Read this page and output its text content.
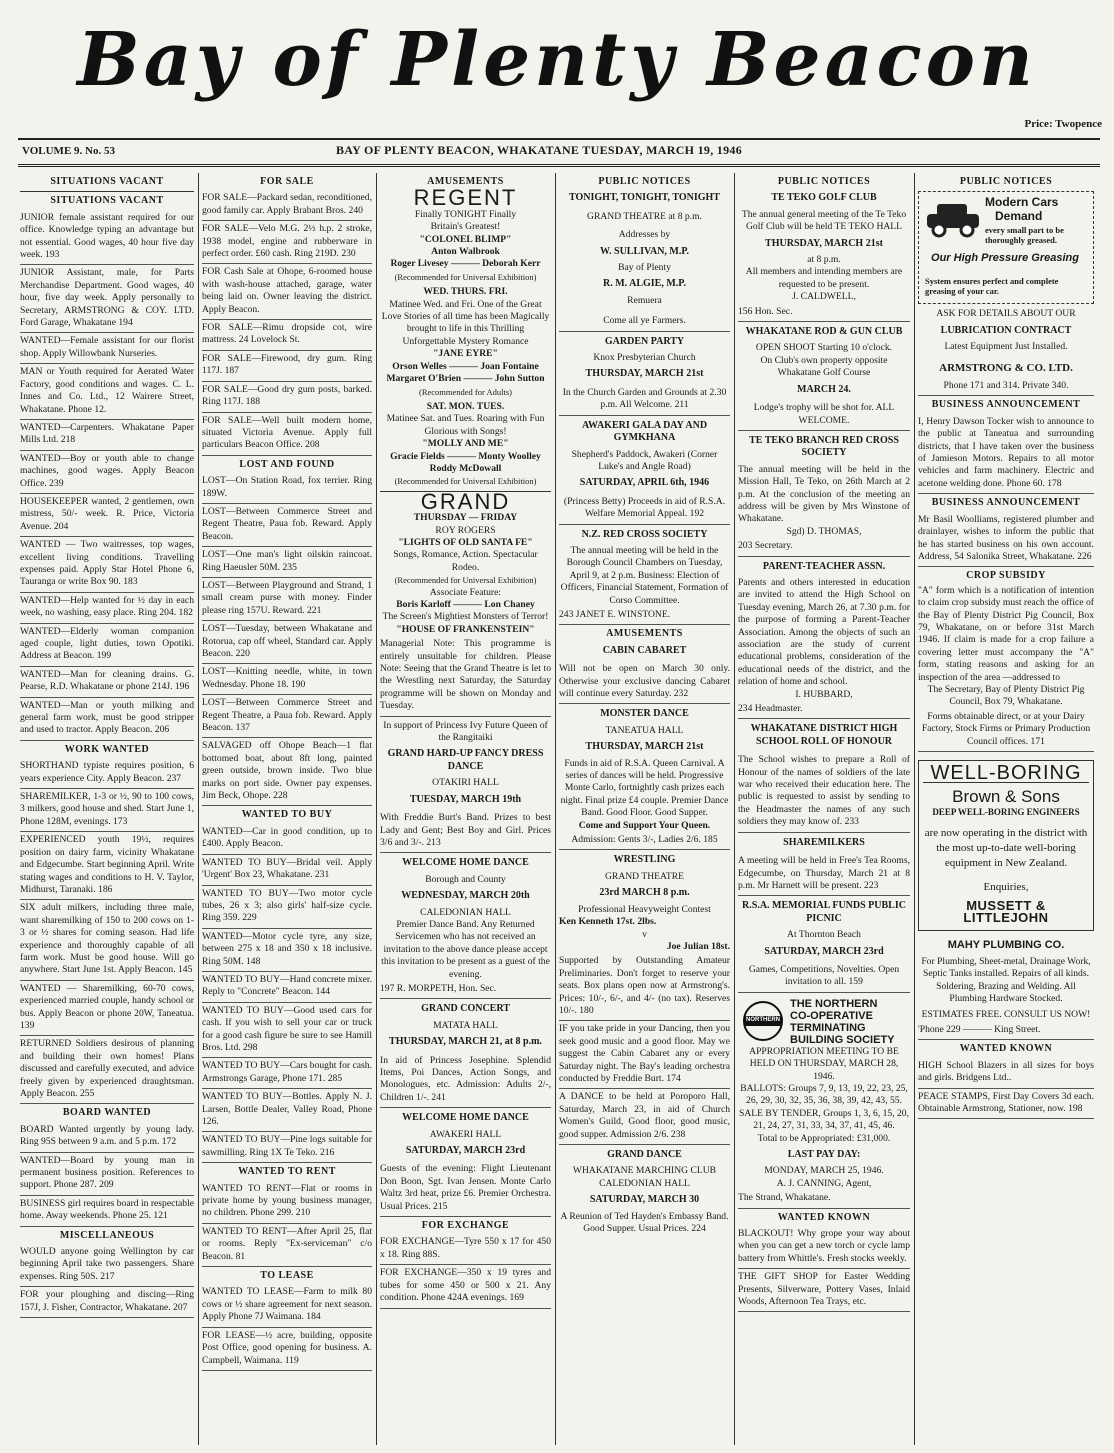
Bay of Plenty Beacon
Price: Twopence
VOLUME 9. No. 53	BAY OF PLENTY BEACON, WHAKATANE TUESDAY, MARCH 19, 1946
SITUATIONS VACANT
SITUATIONS VACANT
JUNIOR female assistant required for our office. Knowledge typing an advantage but not essential. Good wages, 40 hour five day week. 193
JUNIOR Assistant, male, for Parts Merchandise Department. Good wages, 40 hour, five day week. Apply personally to Secretary, ARMSTRONG & COY. LTD. Ford Garage, Whakatane 194
WANTED—Female assistant for our florist shop. Apply Willowbank Nurseries.
MAN or Youth required for Aerated Water Factory, good conditions and wages. C. L. Innes and Co. Ltd., 12 Wairere Street, Whakatane. Phone 12.
WANTED—Carpenters. Whakatane Paper Mills Ltd. 218
WANTED—Boy or youth able to change machines, good wages. Apply Beacon Office. 239
HOUSEKEEPER wanted, 2 gentlemen, own mistress, 50/- week. R. Price, Victoria Avenue. 204
WANTED — Two waitresses, top wages, excellent living conditions. Travelling expenses paid. Apply Star Hotel Phone 6, Tauranga or write Box 90. 183
WANTED—Help wanted for ½ day in each week, no washing, easy place. Ring 204. 182
WANTED—Elderly woman companion aged couple, light duties, town Opotiki. Address at Beacon. 199
WANTED—Man for cleaning drains. G. Pearse, R.D. Whakatane or phone 214J. 196
WANTED—Man or youth milking and general farm work, must be good stripper and used to tractor. Apply Beacon. 206
WORK WANTED
SHORTHAND typiste requires position, 6 years experience City. Apply Beacon. 237
SHAREMILKER, 1-3 or ½, 90 to 100 cows, 3 milkers, good house and shed. Start June 1, Phone 128M, evenings. 173
EXPERIENCED youth 19½, requires position on dairy farm, vicinity Whakatane and Edgecumbe. Start beginning April. Write stating wages and conditions to H. V. Taylor, Midhurst, Taranaki. 186
SIX adult milkers, including three male, want sharemilking of 150 to 200 cows on 1-3 or ½ shares for coming season. Had life experience and thoroughly capable of all farm work. Must be good house. Will go anywhere. Start June 1st. Apply Beacon. 145
WANTED — Sharemilking, 60-70 cows, experienced married couple, handy school or bus. Apply Beacon or phone 20W, Taneatua. 139
RETURNED Soldiers desirous of planning and building their own homes! Plans discussed and carefully executed, and advice freely given by experienced draughtsman. Apply Beacon. 255
BOARD WANTED
BOARD Wanted urgently by young lady. Ring 95S between 9 a.m. and 5 p.m. 172
WANTED—Board by young man in permanent business position. References to support. Phone 287. 209
BUSINESS girl requires board in respectable home. Away weekends. Phone 25. 121
MISCELLANEOUS
WOULD anyone going Wellington by car beginning April take two passengers. Share expenses. Ring 50S. 217
FOR your ploughing and discing—Ring 157J, J. Fisher, Contractor, Whakatane. 207
FOR SALE
FOR SALE—Packard sedan, reconditioned, good family car. Apply Brabant Bros. 240
FOR SALE—Velo M.G. 2½ h.p. 2 stroke, 1938 model, engine and rubberware in perfect order. £60 cash. Ring 219D. 230
FOR Cash Sale at Ohope, 6-roomed house with wash-house attached, garage, water being laid on. Owner leaving the district. Apply Beacon.
FOR SALE—Rimu dropside cot, wire mattress. 24 Lovelock St.
FOR SALE—Firewood, dry gum. Ring 117J. 187
FOR SALE—Good dry gum posts, barked. Ring 117J. 188
FOR SALE—Well built modern home, situated Victoria Avenue. Apply full particulars Beacon Office. 208
LOST AND FOUND
LOST—On Station Road, fox terrier. Ring 189W.
LOST—Between Commerce Street and Regent Theatre, Paua fob. Reward. Apply Beacon.
LOST—One man's light oilskin raincoat. Ring Haeusler 50M. 235
LOST—Between Playground and Strand, 1 small cream purse with money. Finder please ring 157U. Reward. 221
LOST—Tuesday, between Whakatane and Rotorua, cap off wheel, Standard car. Apply Beacon. 220
LOST—Knitting needle, white, in town Wednesday. Phone 18. 190
LOST—Between Commerce Street and Regent Theatre, a Paua fob. Reward. Apply Beacon. 137
SALVAGED off Ohope Beach—1 flat bottomed boat, about 8ft long, painted green outside, brown inside. Two blue marks on port side. Owner pay expenses. Jim Beck, Ohope. 228
WANTED TO BUY
WANTED—Car in good condition, up to £400. Apply Beacon.
WANTED TO BUY—Bridal veil. Apply 'Urgent' Box 23, Whakatane. 231
WANTED TO BUY—Two motor cycle tubes, 26 x 3; also girls' half-size cycle. Ring 359. 229
WANTED—Motor cycle tyre, any size, between 275 x 18 and 350 x 18 inclusive. Ring 50M. 148
WANTED TO BUY—Hand concrete mixer. Reply to "Concrete" Beacon. 144
WANTED TO BUY—Good used cars for cash. If you wish to sell your car or truck for a good cash figure be sure to see Hamill Bros. Ltd. 298
WANTED TO BUY—Cars bought for cash. Armstrongs Garage, Phone 171. 285
WANTED TO BUY—Bottles. Apply N. J. Larsen, Bottle Dealer, Valley Road, Phone 126.
WANTED TO BUY—Pine logs suitable for sawmilling. Ring 1X Te Teko. 216
WANTED TO RENT
WANTED TO RENT—Flat or rooms in private home by young business manager, no children. Phone 299. 210
WANTED TO RENT—After April 25, flat or rooms. Reply "Ex-serviceman" c/o Beacon. 81
TO LEASE
WANTED TO LEASE—Farm to milk 80 cows or ½ share agreement for next season. Apply Phone 7J Waimana. 184
FOR LEASE—½ acre, building, opposite Post Office, good opening for business. A. Campbell, Waimana. 119
AMUSEMENTS
REGENT
Finally TONIGHT Finally
Britain's Greatest!
"COLONEL BLIMP"
Anton Walbrook
Roger Livesey ——— Deborah Kerr
(Recommended for Universal Exhibition)
WED. THURS. FRI.
Matinee Wed. and Fri. One of the Great Love Stories of all time has been Magically brought to life in this Thrilling Unforgettable Mystery Romance
"JANE EYRE"
Orson Welles ——— Joan Fontaine
Margaret O'Brien ——— John Sutton
(Recommended for Adults)
SAT. MON. TUES.
Matinee Sat. and Tues. Roaring with Fun Glorious with Songs!
"MOLLY AND ME"
Gracie Fields ——— Monty Woolley
Roddy McDowall
(Recommended for Universal Exhibition)
GRAND
THURSDAY — FRIDAY
ROY ROGERS
"LIGHTS OF OLD SANTA FE"
Songs, Romance, Action. Spectacular Rodeo.
(Recommended for Universal Exhibition)
Associate Feature:
Boris Karloff ——— Lon Chaney
The Screen's Mightiest Monsters of Terror!
"HOUSE OF FRANKENSTEIN"
Managerial Note: This programme is entirely unsuitable for children. Please Note: Seeing that the Grand Theatre is let to the Wrestling next Saturday, the Saturday programme will be shown on Monday and Tuesday.
In support of Princess Ivy Future Queen of the Rangitaiki
GRAND HARD-UP FANCY DRESS DANCE
OTAKIRI HALL
TUESDAY, MARCH 19th
With Freddie Burt's Band. Prizes to best Lady and Gent; Best Boy and Girl. Prices 3/6 and 3/-. 213
WELCOME HOME DANCE
Borough and County
WEDNESDAY, MARCH 20th
CALEDONIAN HALL
Premier Dance Band. Any Returned Servicemen who has not received an invitation to the above dance please accept this invitation to be present as a guest of the evening.
197 R. MORPETH, Hon. Sec.
GRAND CONCERT
MATATA HALL
THURSDAY, MARCH 21, at 8 p.m.
In aid of Princess Josephine. Splendid Items, Poi Dances, Action Songs, and Monologues, etc. Admission: Adults 2/-, Children 1/-. 241
WELCOME HOME DANCE
AWAKERI HALL
SATURDAY, MARCH 23rd
Guests of the evening: Flight Lieutenant Don Boon, Sgt. Ivan Jensen. Monte Carlo Waltz 3rd heat, prize £6. Premier Orchestra. Usual Prices. 215
FOR EXCHANGE
FOR EXCHANGE—Tyre 550 x 17 for 450 x 18. Ring 88S.
FOR EXCHANGE—350 x 19 tyres and tubes for some 450 or 500 x 21. Any condition. Phone 424A evenings. 169
PUBLIC NOTICES
TONIGHT, TONIGHT, TONIGHT
GRAND THEATRE at 8 p.m.
Addresses by
W. SULLIVAN, M.P.
Bay of Plenty
R. M. ALGIE, M.P.
Remuera
Come all ye Farmers.
GARDEN PARTY
Knox Presbyterian Church
THURSDAY, MARCH 21st
In the Church Garden and Grounds at 2.30 p.m. All Welcome. 211
AWAKERI GALA DAY AND GYMKHANA
Shepherd's Paddock, Awakeri (Corner Luke's and Angle Road)
SATURDAY, APRIL 6th, 1946
(Princess Betty) Proceeds in aid of R.S.A. Welfare Memorial Appeal. 192
N.Z. RED CROSS SOCIETY
The annual meeting will be held in the Borough Council Chambers on Tuesday, April 9, at 2 p.m. Business: Election of Officers, Financial Statement, Formation of Corso Committee.
243 JANET E. WINSTONE.
AMUSEMENTS
CABIN CABARET
Will not be open on March 30 only. Otherwise your exclusive dancing Cabaret will continue every Saturday. 232
MONSTER DANCE
TANEATUA HALL
THURSDAY, MARCH 21st
Funds in aid of R.S.A. Queen Carnival. A series of dances will be held. Progressive Monte Carlo, fortnightly cash prizes each night. Final prize £4 couple. Premier Dance Band. Good Floor. Good Supper.
Come and Support Your Queen.
Admission: Gents 3/-, Ladies 2/6. 185
WRESTLING
GRAND THEATRE
23rd MARCH 8 p.m.
Professional Heavyweight Contest
Ken Kenneth 17st. 2lbs.
v
Joe Julian 18st.
Supported by Outstanding Amateur Preliminaries. Don't forget to reserve your seats. Box plans open now at Armstrong's. Prices: 10/-, 6/-, and 4/- (no tax). Reserves 10/-. 180
IF you take pride in your Dancing, then you seek good music and a good floor. May we suggest the Cabin Cabaret any or every Saturday night. The Bay's leading orchestra conducted by Freddie Burt. 174
A DANCE to be held at Poroporo Hall, Saturday, March 23, in aid of Church Women's Guild, Good floor, good music, good supper. Admission 2/6. 238
GRAND DANCE
WHAKATANE MARCHING CLUB
CALEDONIAN HALL
SATURDAY, MARCH 30
A Reunion of Ted Hayden's Embassy Band. Good Supper. Usual Prices. 224
PUBLIC NOTICES
TE TEKO GOLF CLUB
The annual general meeting of the Te Teko Golf Club will be held TE TEKO HALL
THURSDAY, MARCH 21st
at 8 p.m.
All members and intending members are requested to be present.
J. CALDWELL,
156 Hon. Sec.
WHAKATANE ROD & GUN CLUB
OPEN SHOOT Starting 10 o'clock.
On Club's own property opposite Whakatane Golf Course
MARCH 24.
Lodge's trophy will be shot for. ALL WELCOME.
TE TEKO BRANCH RED CROSS SOCIETY
The annual meeting will be held in the Mission Hall, Te Teko, on 26th March at 2 p.m. At the conclusion of the meeting an address will be given by Mrs Winstone of Whakatane.
Sgd) D. THOMAS,
203 Secretary.
PARENT-TEACHER ASSN.
Parents and others interested in education are invited to attend the High School on Tuesday evening, March 26, at 7.30 p.m. for the purpose of forming a Parent-Teacher Association. Among the objects of such an association are the study of current educational problems, consideration of the educational needs of the district, and the relation of home and school.
I. HUBBARD,
234 Headmaster.
WHAKATANE DISTRICT HIGH SCHOOL ROLL OF HONOUR
The School wishes to prepare a Roll of Honour of the names of soldiers of the late war who received their education here. The public is requested to assist by sending to the Headmaster the names of any such soldiers they may know of. 233
SHAREMILKERS
A meeting will be held in Free's Tea Rooms, Edgecumbe, on Thursday, March 21 at 8 p.m. Mr Harnett will be present. 223
R.S.A. MEMORIAL FUNDS PUBLIC PICNIC
At Thornton Beach
SATURDAY, MARCH 23rd
Games, Competitions, Novelties. Open invitation to all. 159
NORTHERN
THE NORTHERN
CO-OPERATIVE
TERMINATING
BUILDING SOCIETY
APPROPRIATION MEETING TO BE HELD ON THURSDAY, MARCH 28, 1946.
BALLOTS: Groups 7, 9, 13, 19, 22, 23, 25, 26, 29, 30, 32, 35, 36, 38, 39, 42, 43, 55.
SALE BY TENDER, Groups 1, 3, 6, 15, 20, 21, 24, 27, 31, 33, 34, 37, 41, 45, 46.
Total to be Appropriated: £31,000.
LAST PAY DAY:
MONDAY, MARCH 25, 1946.
A. J. CANNING, Agent,
The Strand, Whakatane.
WANTED KNOWN
BLACKOUT! Why grope your way about when you can get a new torch or cycle lamp battery from Whittle's. Fresh stocks weekly.
THE GIFT SHOP for Easter Wedding Presents, Silverware, Pottery Vases, Inlaid Woods, Afternoon Tea Trays, etc.
PUBLIC NOTICES
Modern Cars
Demand
every small part to be thoroughly greased.
Our High Pressure Greasing
System ensures perfect and complete greasing of your car.
ASK FOR DETAILS ABOUT OUR
LUBRICATION CONTRACT
Latest Equipment Just Installed.
ARMSTRONG & CO. LTD.
Phone 171 and 314. Private 340.
BUSINESS ANNOUNCEMENT
I, Henry Dawson Tocker wish to announce to the public at Taneatua and surrounding districts, that I have taken over the business of Jamieson Motors. Repairs to all motor vehicles and farm machinery. Electric and acetone welding done. Phone 60. 178
BUSINESS ANNOUNCEMENT
Mr Basil Woolliams, registered plumber and drainlayer, wishes to inform the public that he has started business on his own account. Address, 54 Salonika Street, Whakatane. 226
CROP SUBSIDY
"A" form which is a notification of intention to claim crop subsidy must reach the office of the Bay of Plenty District Pig Council, Box 79, Whakatane, on or before 31st March 1946. If claim is made for a crop failure a covering letter must accompany the "A" form, stating reasons and asking for an inspection of the area —addressed to
The Secretary, Bay of Plenty District Pig Council, Box 79, Whakatane.
Forms obtainable direct, or at your Dairy Factory, Stock Firms or Primary Production Council offices. 171
WELL-BORING
Brown & Sons
DEEP WELL-BORING ENGINEERS
are now operating in the district with the most up-to-date well-boring equipment in New Zealand.
Enquiries,
MUSSETT & LITTLEJOHN
MAHY PLUMBING CO.
For Plumbing, Sheet-metal, Drainage Work, Septic Tanks installed. Repairs of all kinds. Soldering, Brazing and Welding. All Plumbing Hardware Stocked.
ESTIMATES FREE. CONSULT US NOW!
'Phone 229 ——— King Street.
WANTED KNOWN
HIGH School Blazers in all sizes for boys and girls. Bridgens Ltd..
PEACE STAMPS, First Day Covers 3d each. Obtainable Armstrong, Stationer, now. 198
